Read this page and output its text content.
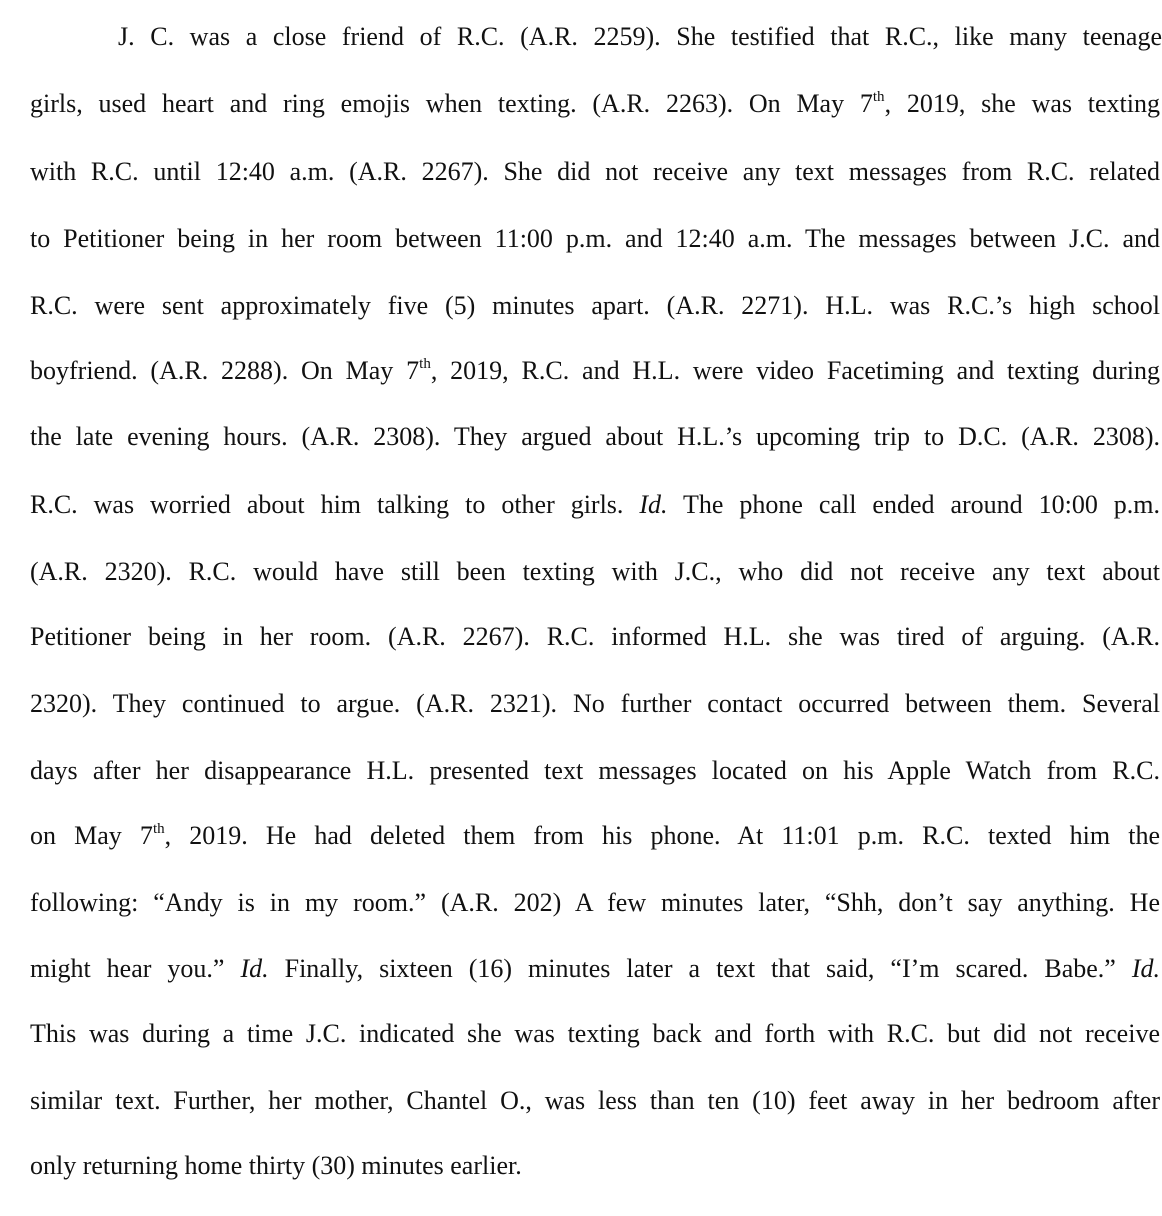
J. C. was a close friend of R.C. (A.R. 2259). She testified that R.C., like many teenage
girls, used heart and ring emojis when texting. (A.R. 2263). On May 7th, 2019, she was texting
with R.C. until 12:40 a.m. (A.R. 2267). She did not receive any text messages from R.C. related
to Petitioner being in her room between 11:00 p.m. and 12:40 a.m. The messages between J.C. and
R.C. were sent approximately five (5) minutes apart. (A.R. 2271). H.L. was R.C.’s high school
boyfriend. (A.R. 2288). On May 7th, 2019, R.C. and H.L. were video Facetiming and texting during
the late evening hours. (A.R. 2308). They argued about H.L.’s upcoming trip to D.C. (A.R. 2308).
R.C. was worried about him talking to other girls. Id. The phone call ended around 10:00 p.m.
(A.R. 2320). R.C. would have still been texting with J.C., who did not receive any text about
Petitioner being in her room. (A.R. 2267). R.C. informed H.L. she was tired of arguing. (A.R.
2320). They continued to argue. (A.R. 2321). No further contact occurred between them. Several
days after her disappearance H.L. presented text messages located on his Apple Watch from R.C.
on May 7th, 2019. He had deleted them from his phone. At 11:01 p.m. R.C. texted him the
following: “Andy is in my room.” (A.R. 202) A few minutes later, “Shh, don’t say anything. He
might hear you.” Id. Finally, sixteen (16) minutes later a text that said, “I’m scared. Babe.” Id.
This was during a time J.C. indicated she was texting back and forth with R.C. but did not receive
similar text. Further, her mother, Chantel O., was less than ten (10) feet away in her bedroom after
only returning home thirty (30) minutes earlier.
